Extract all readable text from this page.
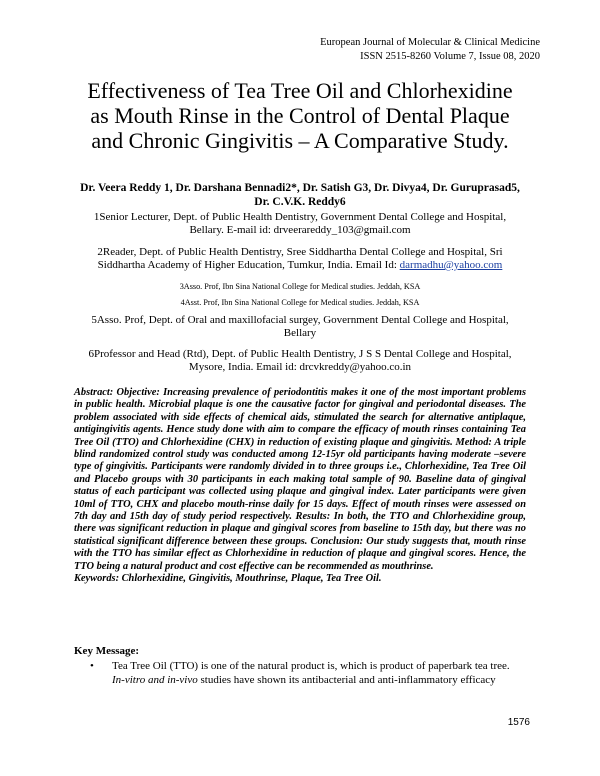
European Journal of Molecular & Clinical Medicine
ISSN 2515-8260 Volume 7, Issue 08, 2020
Effectiveness of Tea Tree Oil and Chlorhexidine
as Mouth Rinse in the Control of Dental Plaque
and Chronic Gingivitis – A Comparative Study.
Dr. Veera Reddy 1, Dr. Darshana Bennadi2*, Dr. Satish G3, Dr. Divya4, Dr. Guruprasad5,
Dr. C.V.K. Reddy6
1Senior Lecturer, Dept. of Public Health Dentistry, Government Dental College and Hospital,
Bellary. E-mail id: drveerareddy_103@gmail.com
2Reader, Dept. of Public Health Dentistry, Sree Siddhartha Dental College and Hospital, Sri
Siddhartha Academy of Higher Education, Tumkur, India. Email Id: darmadhu@yahoo.com
3Asso. Prof, Ibn Sina National College for Medical studies. Jeddah, KSA
4Asst. Prof, Ibn Sina National College for Medical studies. Jeddah, KSA
5Asso. Prof, Dept. of Oral and maxillofacial surgey, Government Dental College and Hospital,
Bellary
6Professor and Head (Rtd), Dept. of Public Health Dentistry, J S S Dental College and Hospital,
Mysore, India. Email id: drcvkreddy@yahoo.co.in
Abstract: Objective: Increasing prevalence of periodontitis makes it one of the most important problems in public health. Microbial plaque is one the causative factor for gingival and periodontal diseases. The problem associated with side effects of chemical aids, stimulated the search for alternative antiplaque, antigingivitis agents. Hence study done with aim to compare the efficacy of mouth rinses containing Tea Tree Oil (TTO) and Chlorhexidine (CHX) in reduction of existing plaque and gingivitis. Method: A triple blind randomized control study was conducted among 12-15yr old participants having moderate –severe type of gingivitis. Participants were randomly divided in to three groups i.e., Chlorhexidine, Tea Tree Oil and Placebo groups with 30 participants in each making total sample of 90. Baseline data of gingival status of each participant was collected using plaque and gingival index. Later participants were given 10ml of TTO, CHX and placebo mouth-rinse daily for 15 days. Effect of mouth rinses were assessed on 7th day and 15th day of study period respectively. Results: In both, the TTO and Chlorhexidine group, there was significant reduction in plaque and gingival scores from baseline to 15th day, but there was no statistical significant difference between these groups. Conclusion: Our study suggests that, mouth rinse with the TTO has similar effect as Chlorhexidine in reduction of plaque and gingival scores. Hence, the TTO being a natural product and cost effective can be recommended as mouthrinse.
Keywords: Chlorhexidine, Gingivitis, Mouthrinse, Plaque, Tea Tree Oil.
Key Message:
• Tea Tree Oil (TTO) is one of the natural product is, which is product of paperbark tea tree.
In-vitro and in-vivo studies have shown its antibacterial and anti-inflammatory efficacy
1576
